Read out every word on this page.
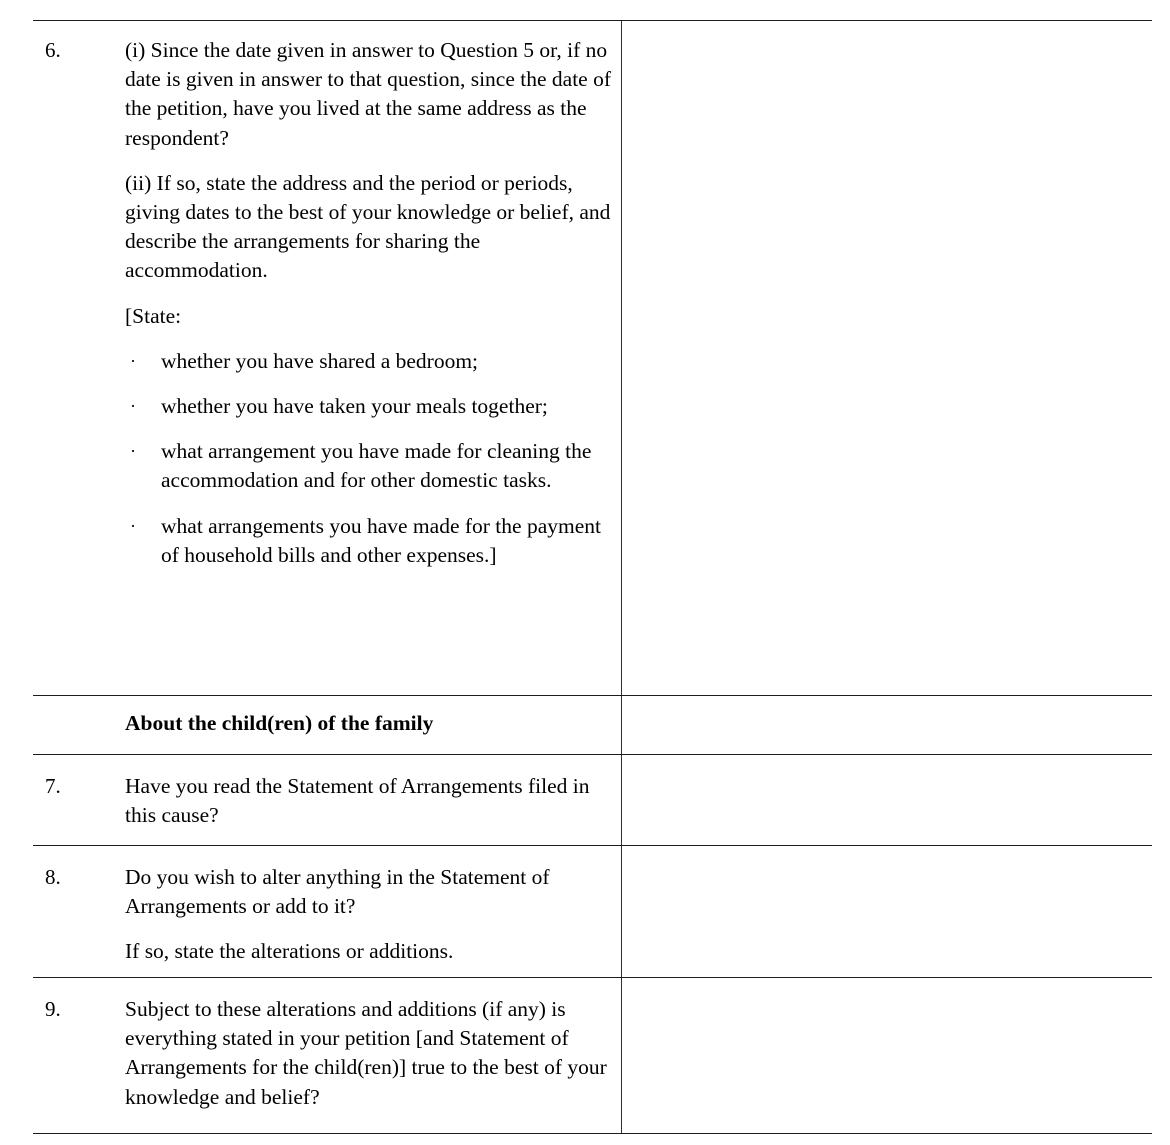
6.	(i) Since the date given in answer to Question 5 or, if no date is given in answer to that question, since the date of the petition, have you lived at the same address as the respondent?

(ii) If so, state the address and the period or periods, giving dates to the best of your knowledge or belief, and describe the arrangements for sharing the accommodation.

[State:

· whether you have shared a bedroom;
· whether you have taken your meals together;
· what arrangement you have made for cleaning the accommodation and for other domestic tasks.
· what arrangements you have made for the payment of household bills and other expenses.]
About the child(ren) of the family
7.	Have you read the Statement of Arrangements filed in this cause?

8.	Do you wish to alter anything in the Statement of Arrangements or add to it?

If so, state the alterations or additions.

9.	Subject to these alterations and additions (if any) is everything stated in your petition [and Statement of Arrangements for the child(ren)] true to the best of your knowledge and belief?
